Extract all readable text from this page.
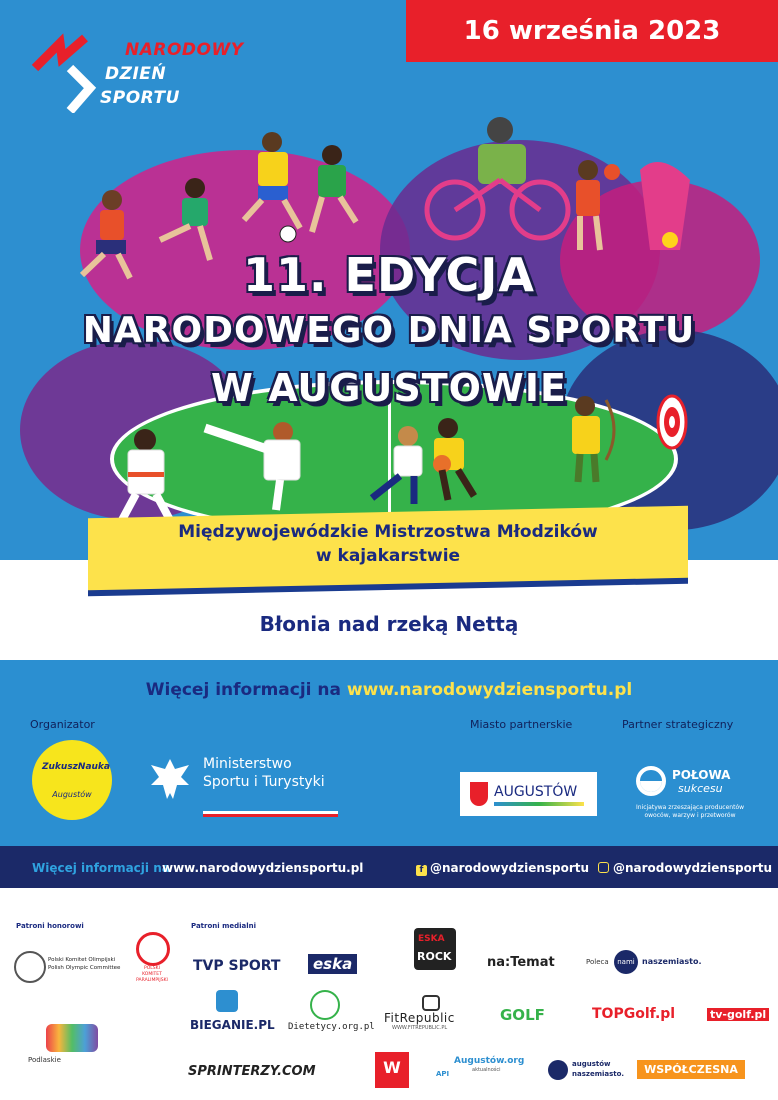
NARODOWY
DZIEŃ
SPORTU
16 września 2023
11. EDYCJA
NARODOWEGO DNIA SPORTU
W AUGUSTOWIE
Międzywojewódzkie Mistrzostwa Młodzików
w kajakarstwie
Błonia nad rzeką Nettą
Więcej informacji na www.narodowydziensportu.pl
Organizator	Miasto partnerskie	Partner strategiczny
ZukuszNauka
Augustów
Ministerstwo
Sportu i Turystyki
AUGUSTÓW
POŁOWA
sukcesu
Inicjatywa zrzeszająca producentów
owoców, warzyw i przetworów
Więcej informacji na
www.narodowydziensportu.pl	f @narodowydziensportu	@narodowydziensportu
Patroni honorowi	Patroni medialni
Polski Komitet Olimpijski
Polish Olympic Committee	POLSKI
KOMITET
PARALIMPIJSKI
Podlaskie
TVP SPORT	eska
ESKA
ROCK	na:Temat	Poleca	nami naszemiasto.
BIEGANIE.PL Dietetycy.org.pl
FitRepublic
WWW.FITREPUBLIC.PL
GOLF	TOPGolf.pl	tv-golf.pl
SPRINTERZY.COM	W	Augustów.org
aktualności
API
augustów
naszemiasto.	WSPÓŁCZESNA
